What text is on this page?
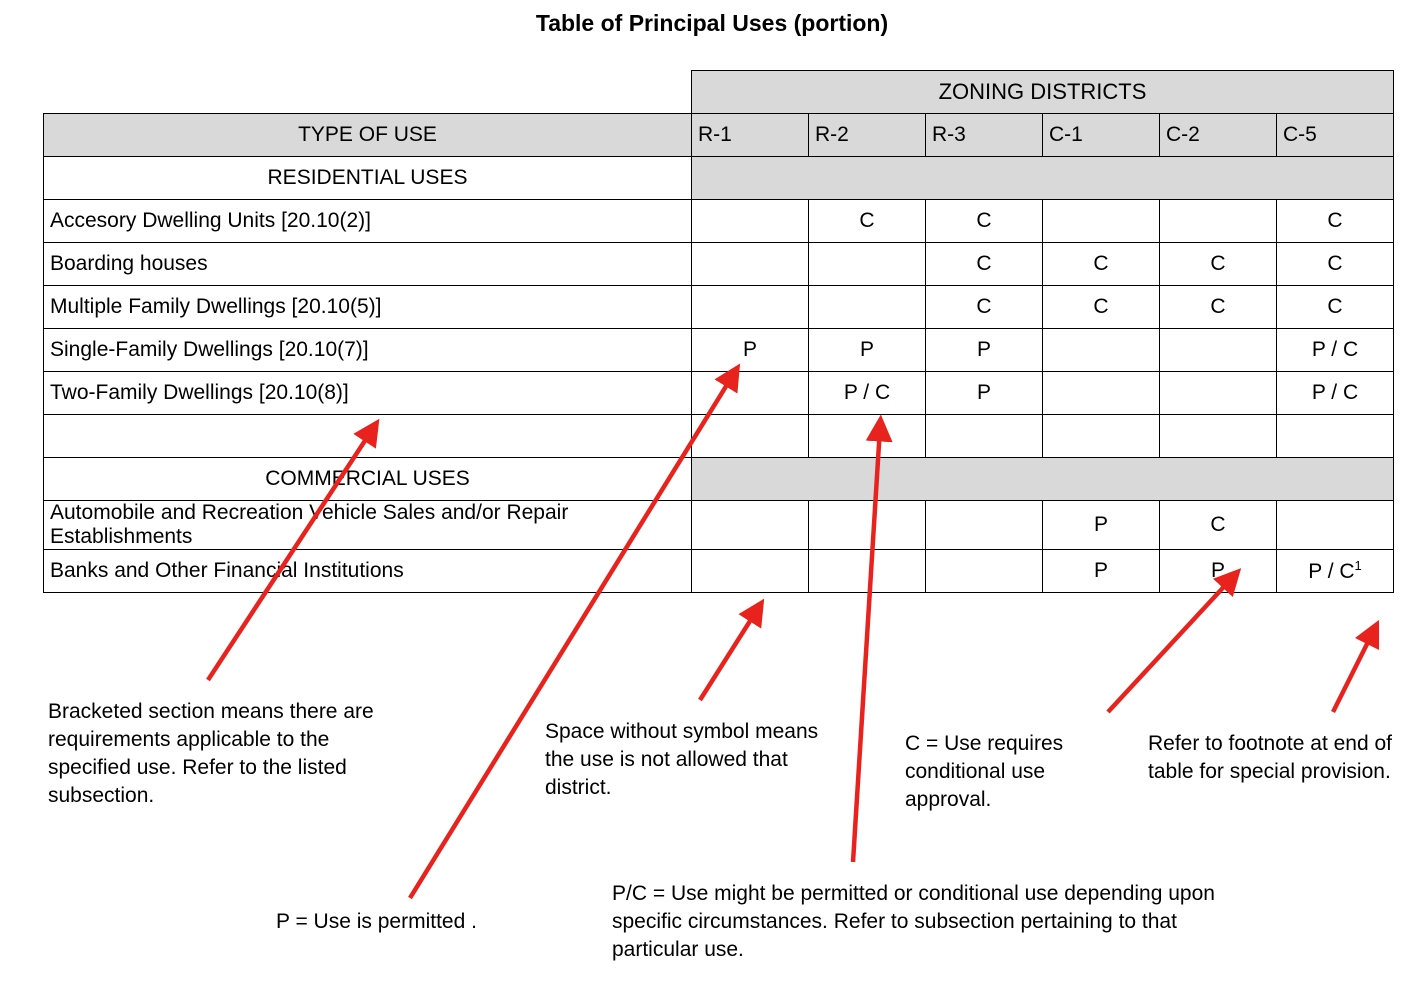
Table of Principal Uses (portion)
	ZONING DISTRICTS					
TYPE OF USE	R-1	R-2	R-3	C-1	C-2	C-5
RESIDENTIAL USES						
Accesory Dwelling Units [20.10(2)]		C	C			C
Boarding houses			C	C	C	C
Multiple Family Dwellings [20.10(5)]			C	C	C	C
Single-Family Dwellings [20.10(7)]	P	P	P			P / C
Two-Family Dwellings [20.10(8)]		P / C	P			P / C

COMMERCIAL USES						
Automobile and Recreation Vehicle Sales and/or Repair Establishments				P	C	
Banks and Other Financial Institutions				P	P	P / $C^1$
Bracketed section means there are requirements applicable to the specified use. Refer to the listed subsection.
Space without symbol means the use is not allowed that district.
C = Use requires conditional use approval.
Refer to footnote at end of table for special provision.
P = Use is permitted .
P/C = Use might be permitted or conditional use depending upon specific circumstances. Refer to subsection pertaining to that particular use.
